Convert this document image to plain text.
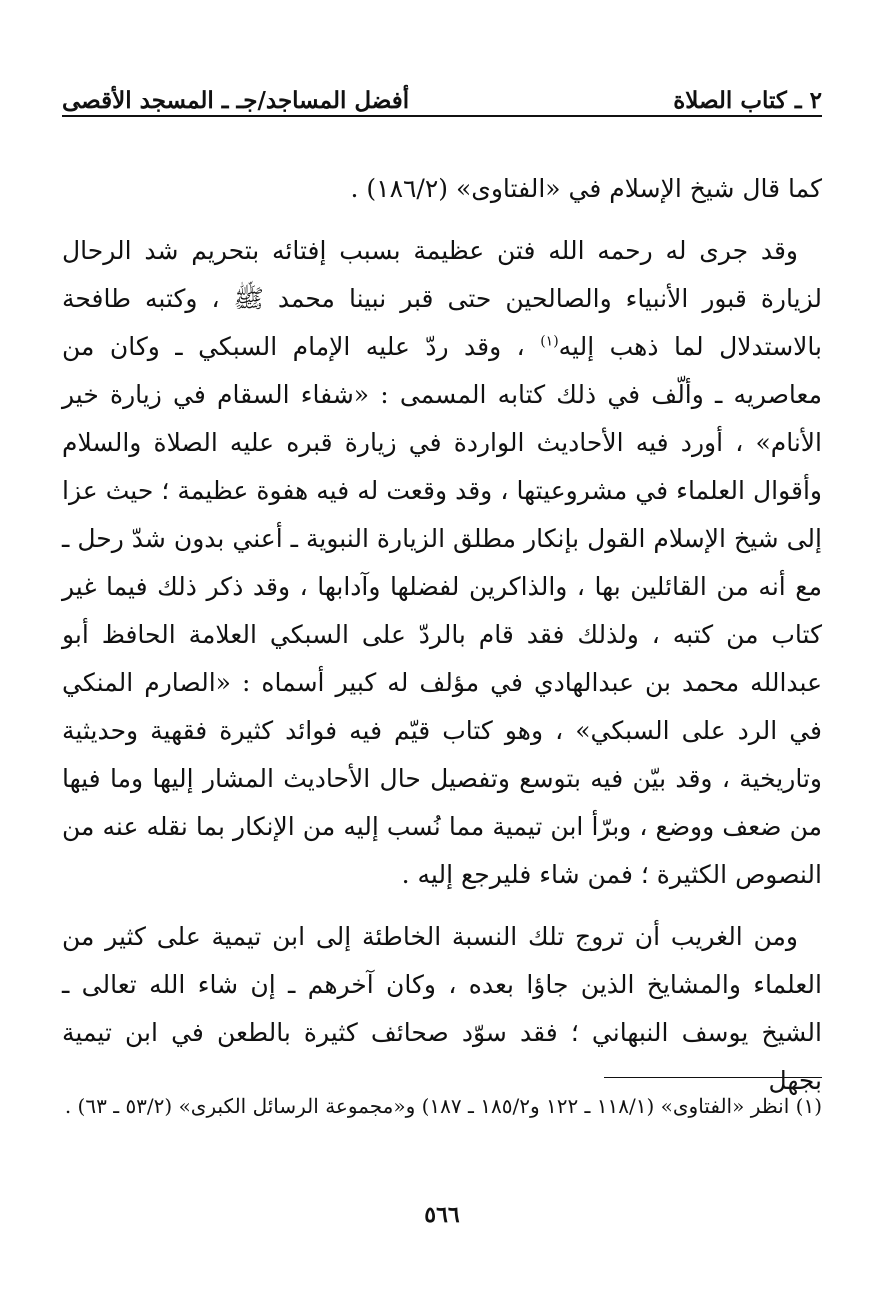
٢ ـ كتاب الصلاة
أفضل المساجد/جـ ـ المسجد الأقصى

كما قال شيخ الإسلام في «الفتاوى» (١٨٦/٢) .

وقد جرى له رحمه الله فتن عظيمة بسبب إفتائه بتحريم شد الرحال لزيارة قبور الأنبياء والصالحين حتى قبر نبينا محمد ﷺ ، وكتبه طافحة بالاستدلال لما ذهب إليه$^{(١)}$ ، وقد ردّ عليه الإمام السبكي ـ وكان من معاصريه ـ وألّف في ذلك كتابه المسمى : «شفاء السقام في زيارة خير الأنام» ، أورد فيه الأحاديث الواردة في زيارة قبره عليه الصلاة والسلام وأقوال العلماء في مشروعيتها ، وقد وقعت له فيه هفوة عظيمة ؛ حيث عزا إلى شيخ الإسلام القول بإنكار مطلق الزيارة النبوية ـ أعني بدون شدّ رحل ـ مع أنه من القائلين بها ، والذاكرين لفضلها وآدابها ، وقد ذكر ذلك فيما غير كتاب من كتبه ، ولذلك فقد قام بالردّ على السبكي العلامة الحافظ أبو عبدالله محمد بن عبدالهادي في مؤلف له كبير أسماه : «الصارم المنكي في الرد على السبكي» ، وهو كتاب قيّم فيه فوائد كثيرة فقهية وحديثية وتاريخية ، وقد بيّن فيه بتوسع وتفصيل حال الأحاديث المشار إليها وما فيها من ضعف ووضع ، وبرّأ ابن تيمية مما نُسب إليه من الإنكار بما نقله عنه من النصوص الكثيرة ؛ فمن شاء فليرجع إليه .

ومن الغريب أن تروج تلك النسبة الخاطئة إلى ابن تيمية على كثير من العلماء والمشايخ الذين جاؤا بعده ، وكان آخرهم ـ إن شاء الله تعالى ـ الشيخ يوسف النبهاني ؛ فقد سوّد صحائف كثيرة بالطعن في ابن تيمية بجهل

(١) انظر «الفتاوى» (١١٨/١ ـ ١٢٢ و١٨٥/٢ ـ ١٨٧) و«مجموعة الرسائل الكبرى» (٥٣/٢ ـ ٦٣) .

٥٦٦
